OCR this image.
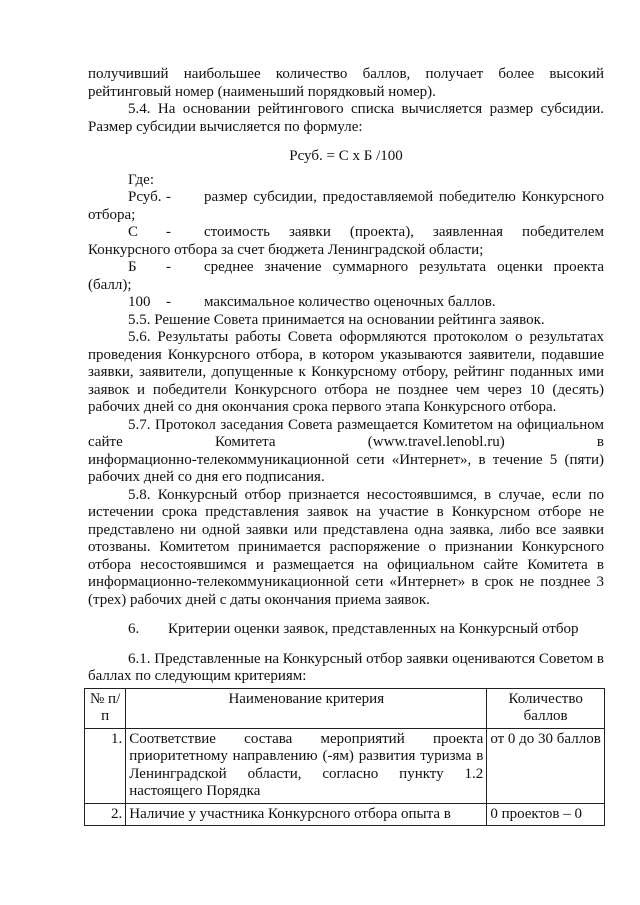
получивший наибольшее количество баллов, получает более высокий рейтинговый номер (наименьший порядковый номер).

5.4. На основании рейтингового списка вычисляется размер субсидии. Размер субсидии вычисляется по формуле:

Рсуб. = С х Б /100

Где:

Рсуб. -	размер субсидии, предоставляемой победителю Конкурсного

отбора;

С	-	стоимость заявки (проекта), заявленная победителем

Конкурсного отбора за счет бюджета Ленинградской области;

Б	-	среднее значение суммарного результата оценки проекта

(балл);

100	-	максимальное количество оценочных баллов.

5.5. Решение Совета принимается на основании рейтинга заявок.

5.6. Результаты работы Совета оформляются протоколом о результатах проведения Конкурсного отбора, в котором указываются заявители, подавшие заявки, заявители, допущенные к Конкурсному отбору, рейтинг поданных ими заявок и победители Конкурсного отбора не позднее чем через 10 (десять) рабочих дней со дня окончания срока первого этапа Конкурсного отбора.

5.7. Протокол заседания Совета размещается Комитетом на официальном сайте Комитета (www.travel.lenobl.ru) в

информационно-телекоммуникационной сети «Интернет», в течение 5 (пяти) рабочих дней со дня его подписания.

5.8. Конкурсный отбор признается несостоявшимся, в случае, если по истечении срока представления заявок на участие в Конкурсном отборе не представлено ни одной заявки или представлена одна заявка, либо все заявки отозваны. Комитетом принимается распоряжение о признании Конкурсного отбора несостоявшимся и размещается на официальном сайте Комитета в информационно-телекоммуникационной сети «Интернет» в срок не позднее 3 (трех) рабочих дней с даты окончания приема заявок.

6.	Критерии оценки заявок, представленных на Конкурсный отбор

6.1. Представленные на Конкурсный отбор заявки оцениваются Советом в баллах по следующим критериям:

№ п/п	Наименование критерия	Количество баллов
1.	Соответствие состава мероприятий проекта приоритетному направлению (-ям) развития туризма в Ленинградской области, согласно пункту 1.2 настоящего Порядка	от 0 до 30 баллов
2.	Наличие у участника Конкурсного отбора опыта в	0 проектов – 0
